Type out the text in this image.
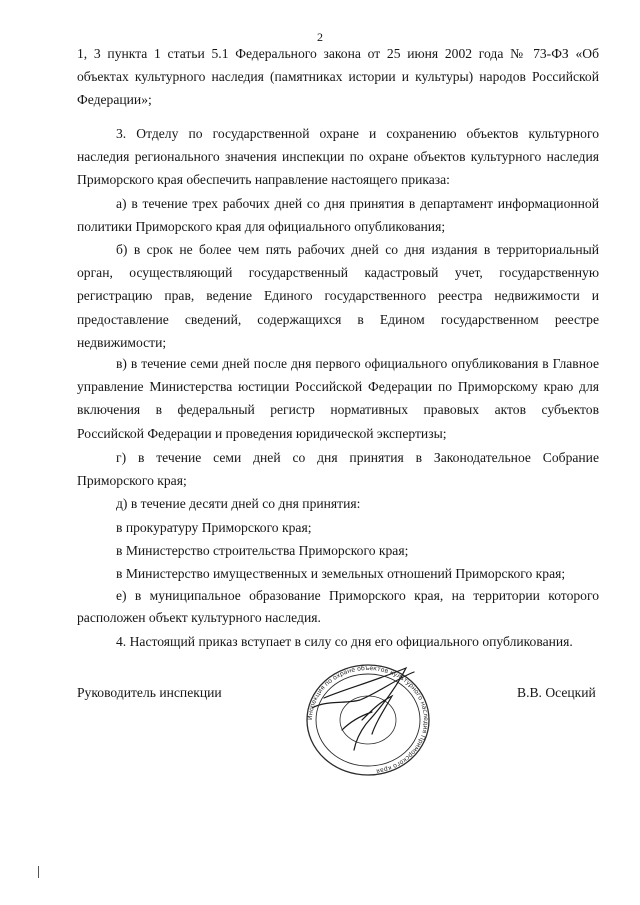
2
1, 3 пункта 1 статьи 5.1 Федерального закона от 25 июня 2002 года № 73-ФЗ «Об объектах культурного наследия (памятниках истории и культуры) народов Российской
Федерации»;
3. Отделу по государственной охране и сохранению объектов культурного наследия регионального значения инспекции по охране объектов культурного наследия
Приморского края обеспечить направление настоящего приказа:
а) в течение трех рабочих дней со дня принятия в департамент информационной
политики Приморского края для официального опубликования;
б) в срок не более чем пять рабочих дней со дня издания в территориальный орган, осуществляющий государственный кадастровый учет, государственную регистрацию прав, ведение Единого государственного реестра недвижимости и предоставление сведений, содержащихся в Едином государственном реестре
недвижимости;
в) в течение семи дней после дня первого официального опубликования в Главное управление Министерства юстиции Российской Федерации по Приморскому краю для включения в федеральный регистр нормативных правовых актов субъектов
Российской Федерации и проведения юридической экспертизы;
г) в течение семи дней со дня принятия в Законодательное Собрание
Приморского края;
д) в течение десяти дней со дня принятия:
в прокуратуру Приморского края;
в Министерство строительства Приморского края;
в Министерство имущественных и земельных отношений Приморского края;
е) в муниципальное образование Приморского края, на территории которого
расположен объект культурного наследия.
4. Настоящий приказ вступает в силу со дня его официального опубликования.
Руководитель инспекции	В.В. Осецкий
Инспекция по охране объектов культурного наследия Приморского края
